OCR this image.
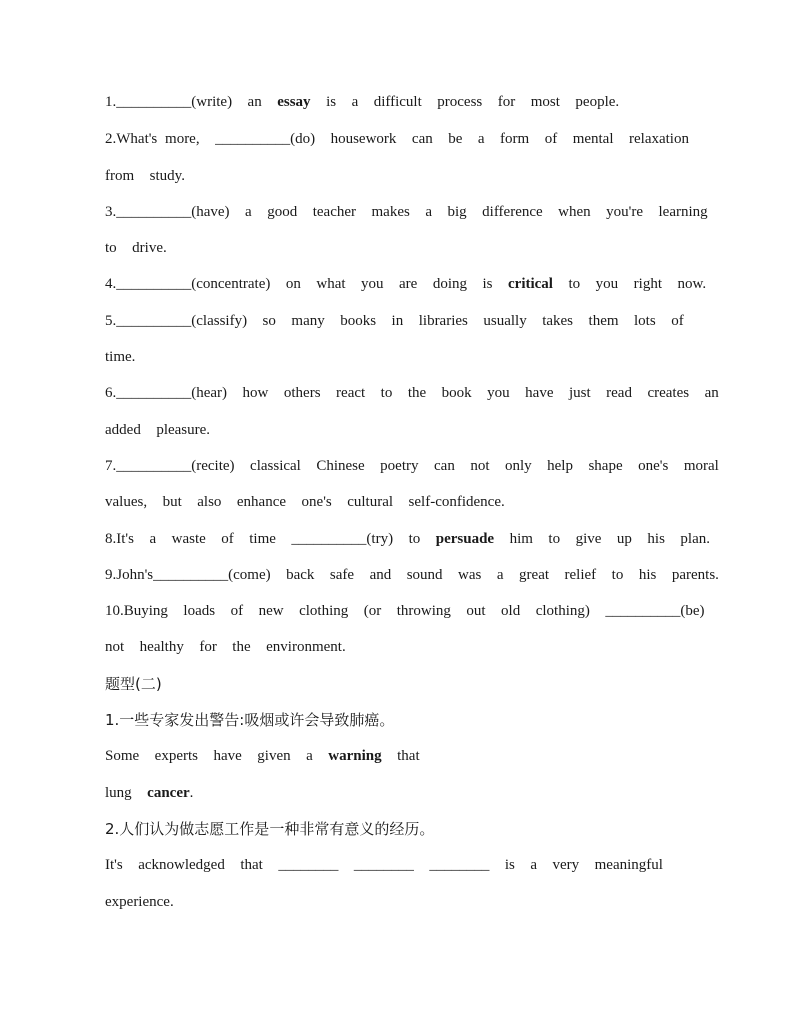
1.__________(write)  an  essay  is  a  difficult  process  for  most  people.
2.What's more,  __________(do)  housework  can  be  a  form  of  mental  relaxation
from  study.
3.__________(have)  a  good  teacher  makes  a  big  difference  when  you're  learning
to  drive.
4.__________(concentrate)  on  what  you  are  doing  is  critical  to  you  right  now.
5.__________(classify)  so  many  books  in  libraries  usually  takes  them  lots  of
time.
6.__________(hear)  how  others  react  to  the  book  you  have  just  read  creates  an
added  pleasure.
7.__________(recite)  classical  Chinese  poetry  can  not  only  help  shape  one's  moral
values,  but  also  enhance  one's  cultural  self-confidence.
8.It's  a  waste  of  time  __________(try)  to  persuade  him  to  give  up  his  plan.
9.John's__________(come)  back  safe  and  sound  was  a  great  relief  to  his  parents.
10.Buying  loads  of  new  clothing  (or  throwing  out  old  clothing)  __________(be)
not  healthy  for  the  environment.
题型(二)
1.一些专家发出警告:吸烟或许会导致肺癌。
Some  experts  have  given  a  warning  that
lung  cancer.
2.人们认为做志愿工作是一种非常有意义的经历。
It's  acknowledged  that  ________  ________  ________  is  a  very  meaningful
experience.
